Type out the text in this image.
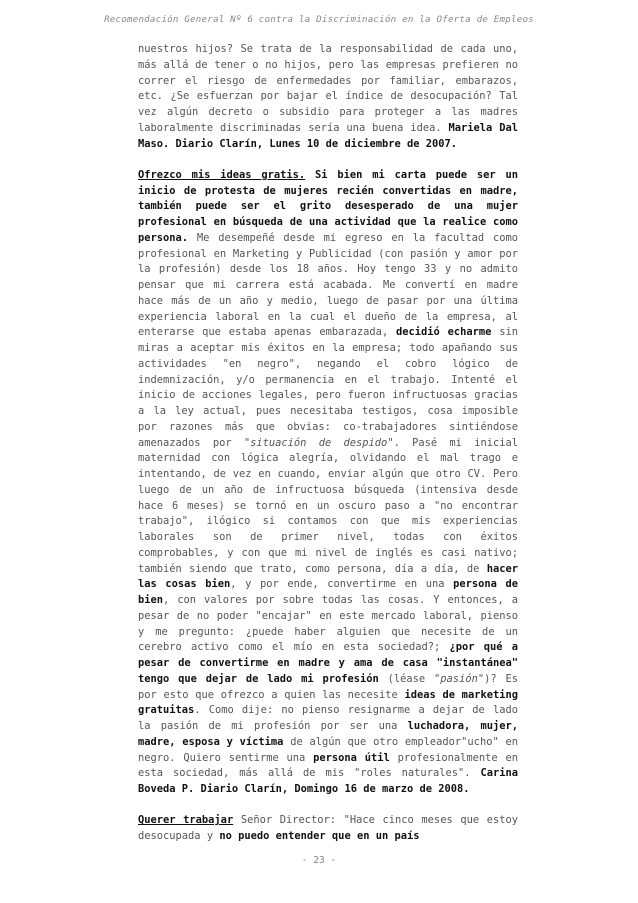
Recomendación General Nº 6 contra la Discriminación en la Oferta de Empleos

nuestros hijos? Se trata de la responsabilidad de cada uno, más allá de tener o no hijos, pero las empresas prefieren no correr el riesgo de enfermedades por familiar, embarazos, etc. ¿Se esfuerzan por bajar el índice de desocupación? Tal vez algún decreto o subsidio para proteger a las madres laboralmente discriminadas sería una buena idea. Mariela Dal Maso. Diario Clarín, Lunes 10 de diciembre de 2007.

Ofrezco mis ideas gratis. Si bien mi carta puede ser un inicio de protesta de mujeres recién convertidas en madre, también puede ser el grito desesperado de una mujer profesional en búsqueda de una actividad que la realice como persona. Me desempeñé desde mi egreso en la facultad como profesional en Marketing y Publicidad (con pasión y amor por la profesión) desde los 18 años. Hoy tengo 33 y no admito pensar que mi carrera está acabada. Me convertí en madre hace más de un año y medio, luego de pasar por una última experiencia laboral en la cual el dueño de la empresa, al enterarse que estaba apenas embarazada, decidió echarme sin miras a aceptar mis éxitos en la empresa; todo apañando sus actividades "en negro", negando el cobro lógico de indemnización, y/o permanencia en el trabajo. Intenté el inicio de acciones legales, pero fueron infructuosas gracias a la ley actual, pues necesitaba testigos, cosa imposible por razones más que obvias: co-trabajadores sintiéndose amenazados por "situación de despido". Pasé mi inicial maternidad con lógica alegría, olvidando el mal trago e intentando, de vez en cuando, enviar algún que otro CV. Pero luego de un año de infructuosa búsqueda (intensiva desde hace 6 meses) se tornó en un oscuro paso a "no encontrar trabajo", ilógico si contamos con que mis experiencias laborales son de primer nivel, todas con éxitos comprobables, y con que mi nivel de inglés es casi nativo; también siendo que trato, como persona, día a día, de hacer las cosas bien, y por ende, convertirme en una persona de bien, con valores por sobre todas las cosas. Y entonces, a pesar de no poder "encajar" en este mercado laboral, pienso y me pregunto: ¿puede haber alguien que necesite de un cerebro activo como el mío en esta sociedad?; ¿por qué a pesar de convertirme en madre y ama de casa "instantánea" tengo que dejar de lado mi profesión (léase "pasión")? Es por esto que ofrezco a quien las necesite ideas de marketing gratuitas. Como dije: no pienso resignarme a dejar de lado la pasión de mi profesión por ser una luchadora, mujer, madre, esposa y víctima de algún que otro empleador"ucho" en negro. Quiero sentirme una persona útil profesionalmente en esta sociedad, más allá de mis "roles naturales". Carina Boveda P. Diario Clarín, Domingo 16 de marzo de 2008.

Querer trabajar Señor Director: "Hace cinco meses que estoy desocupada y no puedo entender que en un país

- 23 -
